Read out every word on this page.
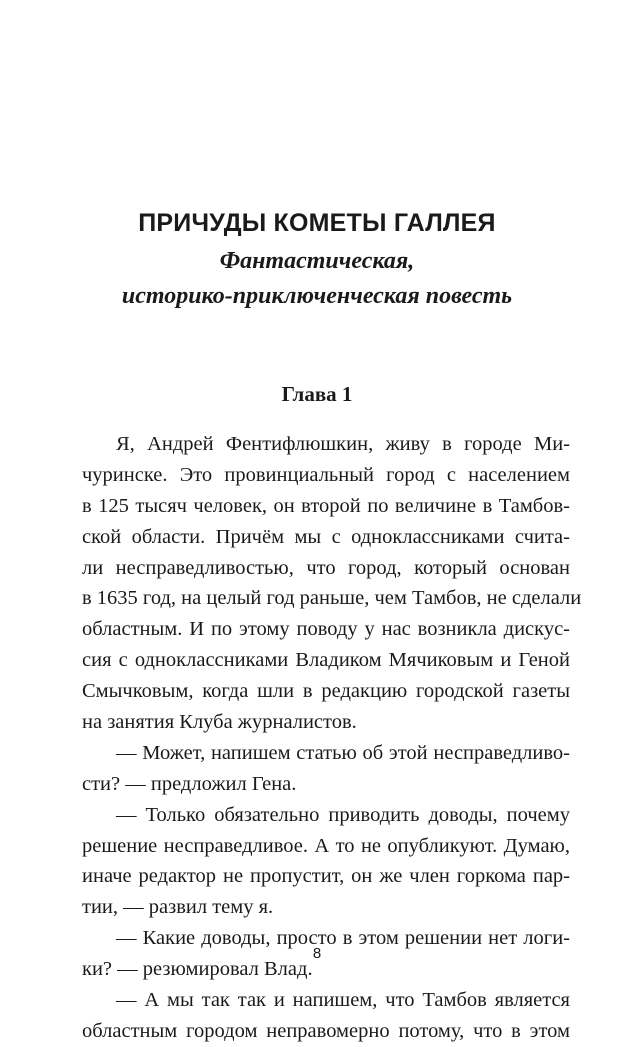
ПРИЧУДЫ КОМЕТЫ ГАЛЛЕЯ
Фантастическая,
историко-приключенческая повесть
Глава 1
Я, Андрей Фентифлюшкин, живу в городе Ми-
чуринске. Это провинциальный город с населением
в 125 тысяч человек, он второй по величине в Тамбов-
ской области. Причём мы с одноклассниками счита-
ли несправедливостью, что город, который основан
в 1635 год, на целый год раньше, чем Тамбов, не сделали
областным. И по этому поводу у нас возникла дискус-
сия с одноклассниками Владиком Мячиковым и Геной
Смычковым, когда шли в редакцию городской газеты
на занятия Клуба журналистов.
— Может, напишем статью об этой несправедливо-
сти? — предложил Гена.
— Только обязательно приводить доводы, почему
решение несправедливое. А то не опубликуют. Думаю,
иначе редактор не пропустит, он же член горкома пар-
тии, — развил тему я.
— Какие доводы, просто в этом решении нет логи-
ки? — резюмировал Влад.
— А мы так так и напишем, что Тамбов является
областным городом неправомерно потому, что в этом
8
